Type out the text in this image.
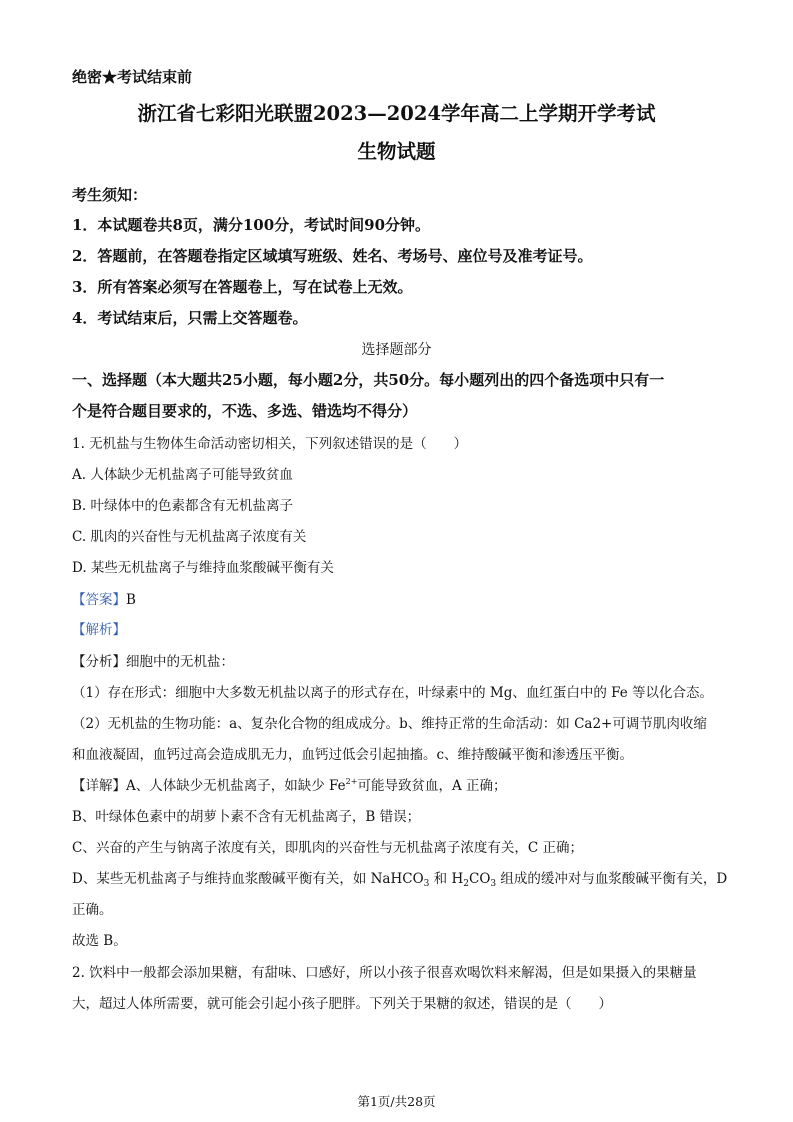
绝密★考试结束前
浙江省七彩阳光联盟2023—2024学年高二上学期开学考试
生物试题
考生须知：
1．本试题卷共8页，满分100分，考试时间90分钟。
2．答题前，在答题卷指定区域填写班级、姓名、考场号、座位号及准考证号。
3．所有答案必须写在答题卷上，写在试卷上无效。
4．考试结束后，只需上交答题卷。
选择题部分
一、选择题（本大题共25小题，每小题2分，共50分。每小题列出的四个备选项中只有一
个是符合题目要求的，不选、多选、错选均不得分）
1. 无机盐与生物体生命活动密切相关，下列叙述错误的是（　　）
A. 人体缺少无机盐离子可能导致贫血
B. 叶绿体中的色素都含有无机盐离子
C. 肌肉的兴奋性与无机盐离子浓度有关
D. 某些无机盐离子与维持血浆酸碱平衡有关
【答案】B
【解析】
【分析】细胞中的无机盐：
（1）存在形式：细胞中大多数无机盐以离子的形式存在，叶绿素中的 Mg、血红蛋白中的 Fe 等以化合态。
（2）无机盐的生物功能：a、复杂化合物的组成成分。b、维持正常的生命活动：如 Ca2+可调节肌肉收缩
和血液凝固，血钙过高会造成肌无力，血钙过低会引起抽搐。c、维持酸碱平衡和渗透压平衡。
【详解】A、人体缺少无机盐离子，如缺少 $Fe^{2+}$可能导致贫血，A 正确；
B、叶绿体色素中的胡萝卜素不含有无机盐离子，B 错误；
C、兴奋的产生与钠离子浓度有关，即肌肉的兴奋性与无机盐离子浓度有关，C 正确；
D、某些无机盐离子与维持血浆酸碱平衡有关，如 NaHCO$_3$ 和 $H_2CO_3$ 组成的缓冲对与血浆酸碱平衡有关，D
正确。
故选 B。
2. 饮料中一般都会添加果糖，有甜味、口感好，所以小孩子很喜欢喝饮料来解渴，但是如果摄入的果糖量
大，超过人体所需要，就可能会引起小孩子肥胖。下列关于果糖的叙述，错误的是（　　）
第1页/共28页
